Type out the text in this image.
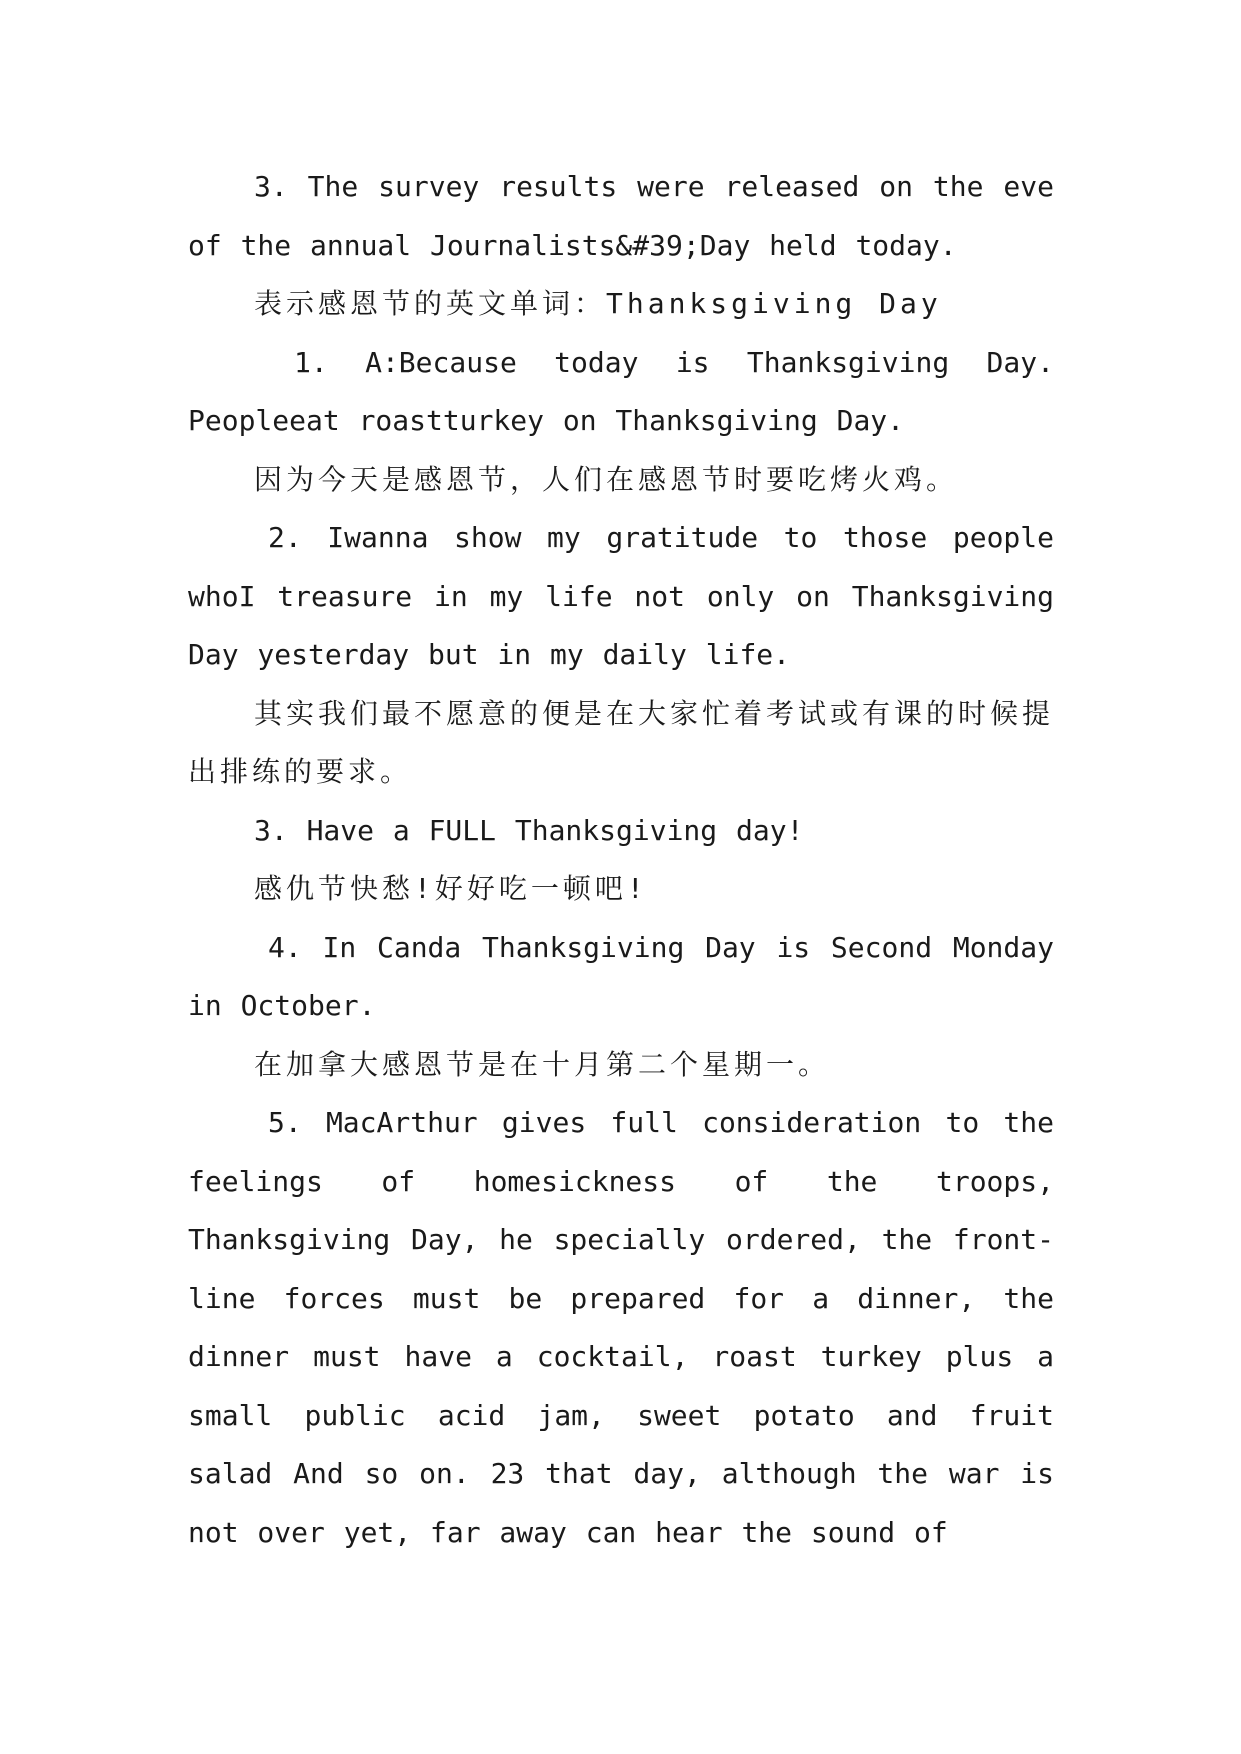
3. The survey results were released on the eve of the annual Journalists&#39;Day held today.

表示感恩节的英文单词：Thanksgiving Day

1. A:Because today is Thanksgiving Day. Peopleeat roastturkey on Thanksgiving Day.

因为今天是感恩节，人们在感恩节时要吃烤火鸡。

2. Iwanna show my gratitude to those people whoI treasure in my life not only on Thanksgiving Day yesterday but in my daily life.

其实我们最不愿意的便是在大家忙着考试或有课的时候提出排练的要求。

3. Have a FULL Thanksgiving day!

感仇节快愁!好好吃一顿吧!

4. In Canda Thanksgiving Day is Second Monday in October.

在加拿大感恩节是在十月第二个星期一。

5. MacArthur gives full consideration to the feelings of homesickness of the troops, Thanksgiving Day, he specially ordered, the front-line forces must be prepared for a dinner, the dinner must have a cocktail, roast turkey plus a small public acid jam, sweet potato and fruit salad And so on. 23 that day, although the war is not over yet, far away can hear the sound of
